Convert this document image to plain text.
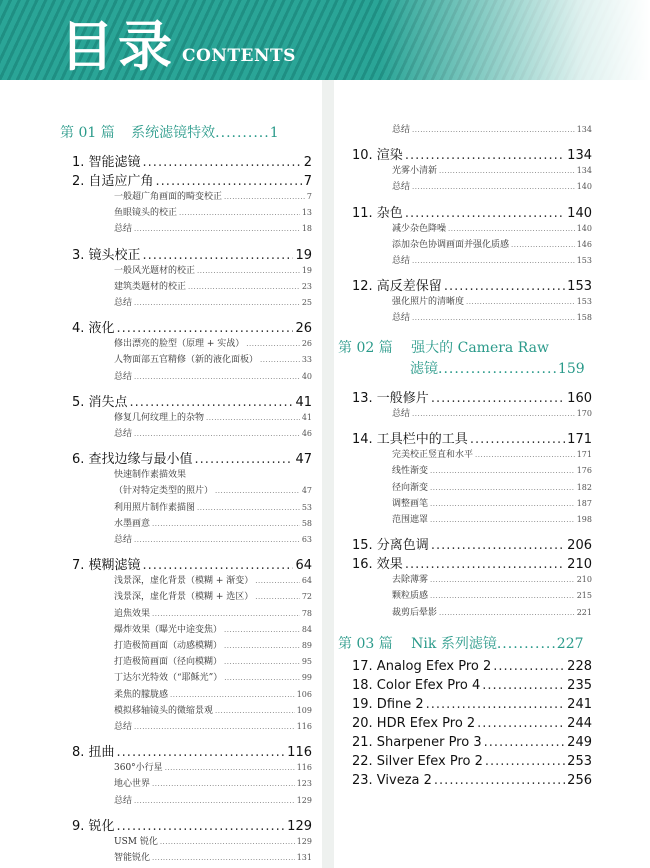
目录 CONTENTS
第 01 篇 系统滤镜特效..........1
第 02 篇 强大的 Camera Raw
滤镜......................159
第 03 篇 Nik 系列滤镜...........227
1. 智能滤镜 .....	2
2. 自适应广角 .....	7
一般超广角画面的畸变校正 .....	7
鱼眼镜头的校正 .....	13
总结 .....	18
3. 镜头校正 .....	19
一般风光题材的校正 .....	19
建筑类题材的校正 .....	23
总结 .....	25
4. 液化 .....	26
修出漂亮的脸型（原理 + 实战） .....	26
人物面部五官精修（新的液化面板） .....	33
总结 .....	40
5. 消失点 .....	41
修复几何纹理上的杂物 .....	41
总结 .....	46
6. 查找边缘与最小值 .....	47
快速制作素描效果
（针对特定类型的照片） .....	47
利用照片制作素描图 .....	53
水墨画意 .....	58
总结 .....	63
7. 模糊滤镜 .....	64
浅景深，虚化背景（模糊 + 渐变） .....	64
浅景深，虚化背景（模糊 + 选区） .....	72
追焦效果 .....	78
爆炸效果（曝光中途变焦） .....	84
打造极简画面（动感模糊） .....	89
打造极简画面（径向模糊） .....	95
丁达尔光特效（“耶稣光”） .....	99
柔焦的朦胧感 .....	106
模拟移轴镜头的微缩景观 .....	109
总结 .....	116
8. 扭曲 .....	116
360°小行星 .....	116
地心世界 .....	123
总结 .....	129
9. 锐化 .....	129
USM 锐化 .....	129
智能锐化 .....	131
总结 .....	134
10. 渲染 .....	134
光雾小清新 .....	134
总结 .....	140
11. 杂色 .....	140
减少杂色降噪 .....	140
添加杂色协调画面并强化质感 .....	146
总结 .....	153
12. 高反差保留 .....	153
强化照片的清晰度 .....	153
总结 .....	158
13. 一般修片 .....	160
总结 .....	170
14. 工具栏中的工具 .....	171
完美校正竖直和水平 .....	171
线性渐变 .....	176
径向渐变 .....	182
调整画笔 .....	187
范围遮罩 .....	198
15. 分离色调 .....	206
16. 效果 .....	210
去除薄雾 .....	210
颗粒质感 .....	215
裁剪后晕影 .....	221
17. Analog Efex Pro 2 .....	228
18. Color Efex Pro 4 .....	235
19. Dfine 2 .....	241
20. HDR Efex Pro 2 .....	244
21. Sharpener Pro 3 .....	249
22. Silver Efex Pro 2 .....	253
23. Viveza 2 .....	256
